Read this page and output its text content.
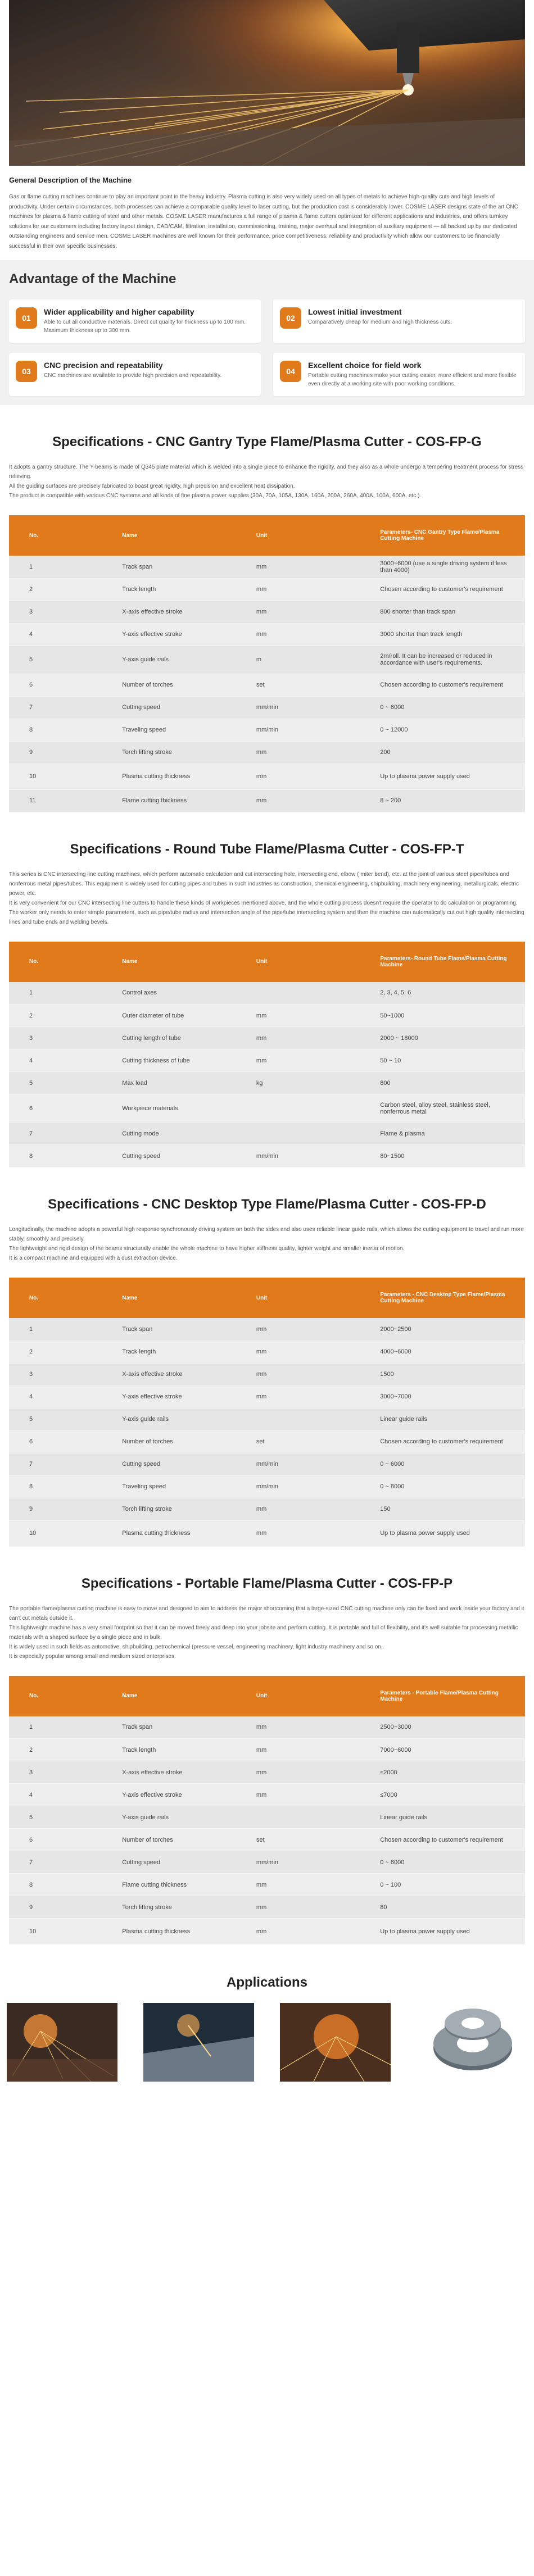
General Description of the Machine

Gas or flame cutting machines continue to play an important point in the heavy industry. Plasma cutting is also very widely used on all types of metals to achieve high-quality cuts and high levels of productivity. Under certain circumstances, both processes can achieve a comparable quality level to laser cutting, but the production cost is considerably lower. COSME LASER designs state of the art CNC machines for plasma & flame cutting of steel and other metals. COSME LASER manufactures a full range of plasma & flame cutters optimized for different applications and industries, and offers turnkey solutions for our customers including factory layout design, CAD/CAM, filtration, installation, commissioning, training, major overhaul and integration of auxiliary equipment — all backed up by our dedicated outstanding engineers and service men. COSME LASER machines are well known for their performance, price competitiveness, reliability and productivity which allow our customers to be financially successful in their own specific businesses.

Advantage of the Machine
01
Wider applicability and higher capability

Able to cut all conductive materials. Direct cut quality for thickness up to 100 mm. Maximum thickness up to 300 mm.

02
Lowest initial investment

Comparatively cheap for medium and high thickness cuts.

03
CNC precision and repeatability

CNC machines are available to provide high precision and repeatability.	04
Excellent choice for field work

Portable cutting machines make your cutting easier, more efficient and more flexible even directly at a working site with poor working conditions.

Specifications - CNC Gantry Type Flame/Plasma Cutter - COS-FP-G

It adopts a gantry structure. The Y-beams is made of Q345 plate material which is welded into a single piece to enhance the rigidity, and they also as a whole undergo a tempering treatment process for stress relieving.

All the guiding surfaces are precisely fabricated to boast great rigidity, high precision and excellent heat dissipation.

The product is compatible with various CNC systems and all kinds of fine plasma power supplies (30A, 70A, 105A, 130A, 160A, 200A, 260A, 400A, 100A, 600A, etc.).

No.	Name	Unit	Parameters- CNC Gantry Type Flame/Plasma Cutting Machine
1	Track span	mm	3000~6000 (use a single driving system if less than 4000)
2	Track length	mm	Chosen according to customer's requirement
3	X-axis effective stroke	mm	800 shorter than track span
4	Y-axis effective stroke	mm	3000 shorter than track length
5	Y-axis guide rails	m	2m/roll. It can be increased or reduced in accordance with user's requirements.
6	Number of torches	set	Chosen according to customer's requirement
7	Cutting speed	mm/min	0 ~ 6000
8	Traveling speed	mm/min	0 ~ 12000
9	Torch lifting stroke	mm	200
10	Plasma cutting thickness	mm	Up to plasma power supply used
11	Flame cutting thickness	mm	8 ~ 200
Specifications - Round Tube Flame/Plasma Cutter - COS-FP-T

This series is CNC intersecting line cutting machines, which perform automatic calculation and cut intersecting hole, intersecting end, elbow ( miter bend), etc. at the joint of various steel pipes/tubes and nonferrous metal pipes/tubes. This equipment is widely used for cutting pipes and tubes in such industries as construction, chemical engineering, shipbuilding, machinery engineering, metallurgicals, electric power, etc.

It is very convenient for our CNC intersecting line cutters to handle these kinds of workpieces mentioned above, and the whole cutting process doesn't require the operator to do calculation or programming. The worker only needs to enter simple parameters, such as pipe/tube radius and intersection angle of the pipe/tube intersecting system and then the machine can automatically cut out high quality intersecting lines and tube ends and welding bevels.

No.	Name	Unit	Parameters- Round Tube Flame/Plasma Cutting Machine
1	Control axes		2, 3, 4, 5, 6
2	Outer diameter of tube	mm	50~1000
3	Cutting length of tube	mm	2000 ~ 18000
4	Cutting thickness of tube	mm	50 ~ 10
5	Max load	kg	800
6	Workpiece materials		Carbon steel, alloy steel, stainless steel, nonferrous metal
7	Cutting mode		Flame & plasma
8	Cutting speed	mm/min	80~1500
Specifications - CNC Desktop Type Flame/Plasma Cutter - COS-FP-D

Longitudinally, the machine adopts a powerful high response synchronously driving system on both the sides and also uses reliable linear guide rails, which allows the cutting equipment to travel and run more stably, smoothly and precisely.

The lightweight and rigid design of the beams structurally enable the whole machine to have higher stiffness quality, lighter weight and smaller inertia of motion.

It is a compact machine and equipped with a dust extraction device.

No.	Name	Unit	Parameters - CNC Desktop Type Flame/Plasma Cutting Machine
1	Track span	mm	2000~2500
2	Track length	mm	4000~6000
3	X-axis effective stroke	mm	1500
4	Y-axis effective stroke	mm	3000~7000
5	Y-axis guide rails		Linear guide rails
6	Number of torches	set	Chosen according to customer's requirement
7	Cutting speed	mm/min	0 ~ 6000
8	Traveling speed	mm/min	0 ~ 8000
9	Torch lifting stroke	mm	150
10	Plasma cutting thickness	mm	Up to plasma power supply used
Specifications - Portable Flame/Plasma Cutter - COS-FP-P

The portable flame/plasma cutting machine is easy to move and designed to aim to address the major shortcoming that a large-sized CNC cutting machine only can be fixed and work inside your factory and it can't cut metals outside it.

This lightweight machine has a very small footprint so that it can be moved freely and deep into your jobsite and perform cutting. It is portable and full of flexibility, and it's well suitable for processing metallic materials with a shaped surface by a single piece and in bulk.

It is widely used in such fields as automotive, shipbuilding, petrochemical (pressure vessel, engineering machinery, light industry machinery and so on,.

It is especially popular among small and medium sized enterprises.

No.	Name	Unit	Parameters - Portable Flame/Plasma Cutting Machine
1	Track span	mm	2500~3000
2	Track length	mm	7000~6000
3	X-axis effective stroke	mm	≤2000
4	Y-axis effective stroke	mm	≤7000
5	Y-axis guide rails		Linear guide rails
6	Number of torches	set	Chosen according to customer's requirement
7	Cutting speed	mm/min	0 ~ 6000
8	Flame cutting thickness	mm	0 ~ 100
9	Torch lifting stroke	mm	80
10	Plasma cutting thickness	mm	Up to plasma power supply used
Applications
